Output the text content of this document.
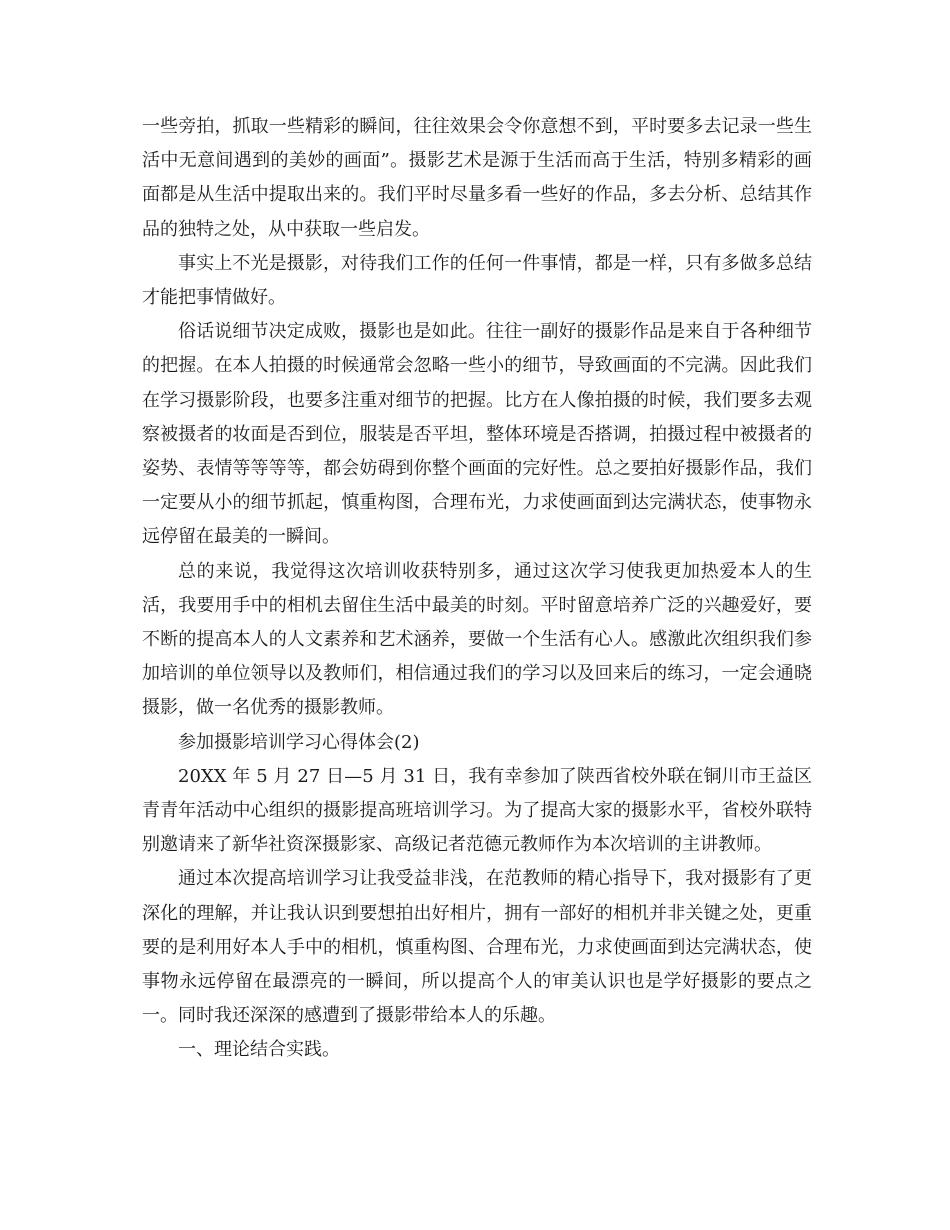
一些旁拍，抓取一些精彩的瞬间，往往效果会令你意想不到，平时要多去记录一些生活中无意间遇到的美妙的画面”。摄影艺术是源于生活而高于生活，特别多精彩的画面都是从生活中提取出来的。我们平时尽量多看一些好的作品，多去分析、总结其作品的独特之处，从中获取一些启发。

事实上不光是摄影，对待我们工作的任何一件事情，都是一样，只有多做多总结才能把事情做好。

俗话说细节决定成败，摄影也是如此。往往一副好的摄影作品是来自于各种细节的把握。在本人拍摄的时候通常会忽略一些小的细节，导致画面的不完满。因此我们在学习摄影阶段，也要多注重对细节的把握。比方在人像拍摄的时候，我们要多去观察被摄者的妆面是否到位，服装是否平坦，整体环境是否搭调，拍摄过程中被摄者的姿势、表情等等等等，都会妨碍到你整个画面的完好性。总之要拍好摄影作品，我们一定要从小的细节抓起，慎重构图，合理布光，力求使画面到达完满状态，使事物永远停留在最美的一瞬间。

总的来说，我觉得这次培训收获特别多，通过这次学习使我更加热爱本人的生活，我要用手中的相机去留住生活中最美的时刻。平时留意培养广泛的兴趣爱好，要不断的提高本人的人文素养和艺术涵养，要做一个生活有心人。感激此次组织我们参加培训的单位领导以及教师们，相信通过我们的学习以及回来后的练习，一定会通晓摄影，做一名优秀的摄影教师。

参加摄影培训学习心得体会(2)

20XX 年 5 月 27 日—5 月 31 日，我有幸参加了陕西省校外联在铜川市王益区青青年活动中心组织的摄影提高班培训学习。为了提高大家的摄影水平，省校外联特别邀请来了新华社资深摄影家、高级记者范德元教师作为本次培训的主讲教师。

通过本次提高培训学习让我受益非浅，在范教师的精心指导下，我对摄影有了更深化的理解，并让我认识到要想拍出好相片，拥有一部好的相机并非关键之处，更重要的是利用好本人手中的相机，慎重构图、合理布光，力求使画面到达完满状态，使事物永远停留在最漂亮的一瞬间，所以提高个人的审美认识也是学好摄影的要点之一。同时我还深深的感遭到了摄影带给本人的乐趣。

一、理论结合实践。
